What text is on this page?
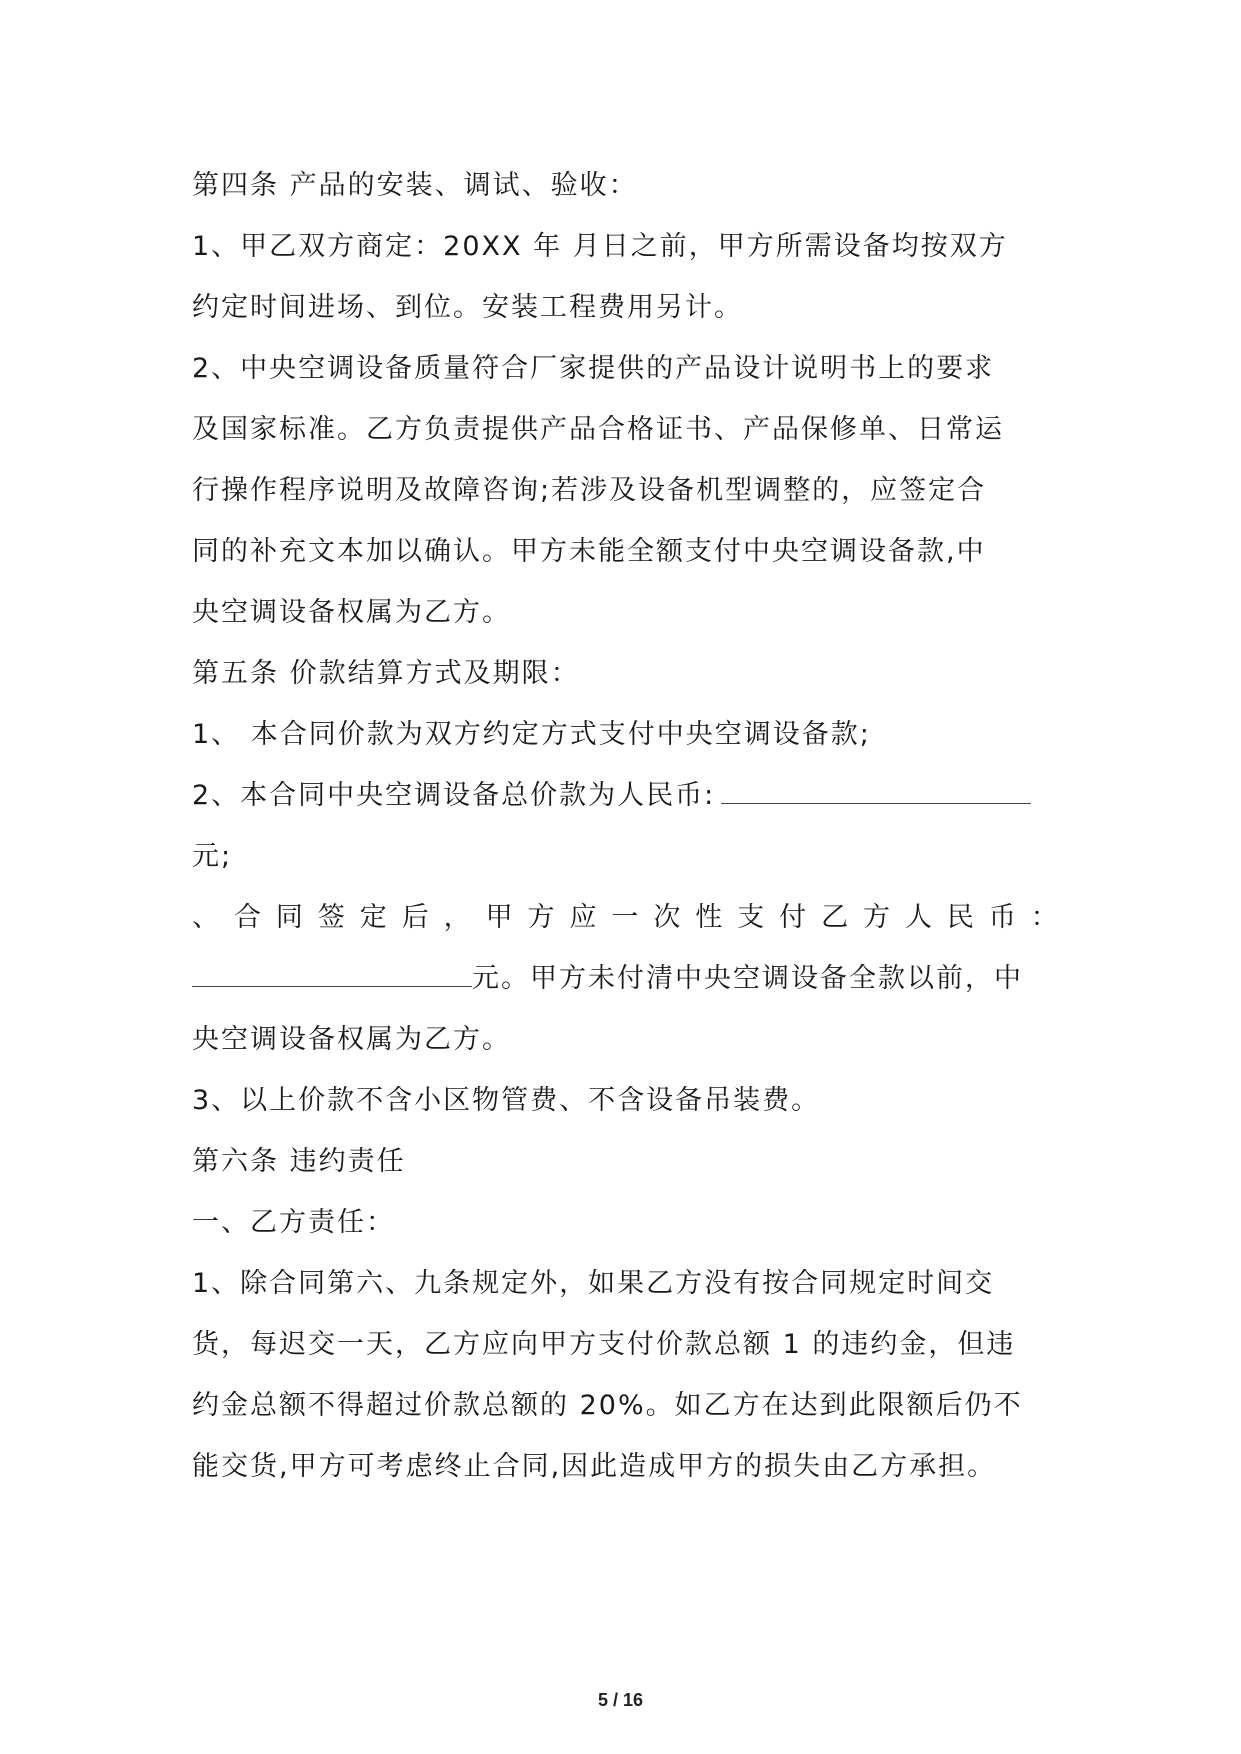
第四条 产品的安装、调试、验收：
1、甲乙双方商定：20XX 年 月日之前，甲方所需设备均按双方
约定时间进场、到位。安装工程费用另计。
2、中央空调设备质量符合厂家提供的产品设计说明书上的要求
及国家标准。乙方负责提供产品合格证书、产品保修单、日常运
行操作程序说明及故障咨询;若涉及设备机型调整的，应签定合
同的补充文本加以确认。甲方未能全额支付中央空调设备款,中
央空调设备权属为乙方。
第五条 价款结算方式及期限：
1、 本合同价款为双方约定方式支付中央空调设备款;
2、本合同中央空调设备总价款为人民币:
元;
、 合 同 签 定 后 ， 甲 方 应 一 次 性 支 付 乙 方 人 民 币 ：
元。甲方未付清中央空调设备全款以前，中
央空调设备权属为乙方。
3、以上价款不含小区物管费、不含设备吊装费。
第六条 违约责任
一、乙方责任：
1、除合同第六、九条规定外，如果乙方没有按合同规定时间交
货，每迟交一天，乙方应向甲方支付价款总额 1 的违约金，但违
约金总额不得超过价款总额的 20%。如乙方在达到此限额后仍不
能交货,甲方可考虑终止合同,因此造成甲方的损失由乙方承担。
5 / 16
